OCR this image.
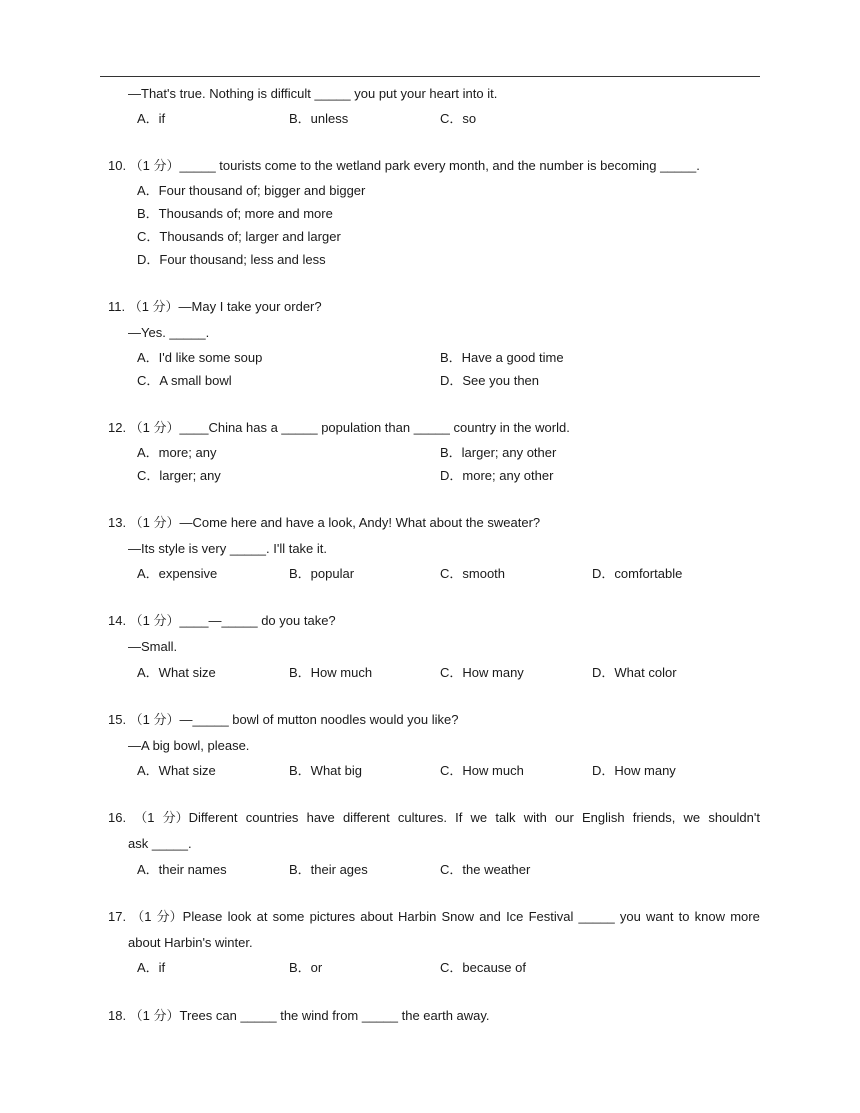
—That's true. Nothing is difficult _____ you put your heart into it.
A．if	B．unless	C．so
10. （1 分）_____ tourists come to the wetland park every month, and the number is becoming _____.
A．Four thousand of; bigger and bigger
B．Thousands of; more and more
C．Thousands of; larger and larger
D．Four thousand; less and less
11. （1 分）—May I take your order?
—Yes. _____.
A．I'd like some soup	B．Have a good time
C．A small bowl	D．See you then
12. （1 分）____China has a _____ population than _____ country in the world.
A．more; any	B．larger; any other
C．larger; any	D．more; any other
13. （1 分）—Come here and have a look, Andy! What about the sweater?
—Its style is very _____. I'll take it.
A．expensive	B．popular	C．smooth	D．comfortable
14. （1 分）____—_____ do you take?
—Small.
A．What size	B．How much	C．How many	D．What color
15. （1 分）—_____ bowl of mutton noodles would you like?
—A big bowl, please.
A．What size	B．What big	C．How much	D．How many
16. （1 分）Different countries have different cultures. If we talk with our English friends, we shouldn't
ask _____.
A．their names	B．their ages	C．the weather
17. （1 分）Please look at some pictures about Harbin Snow and Ice Festival _____ you want to know more
about Harbin's winter.
A．if	B．or	C．because of
18. （1 分）Trees can _____ the wind from _____ the earth away.
